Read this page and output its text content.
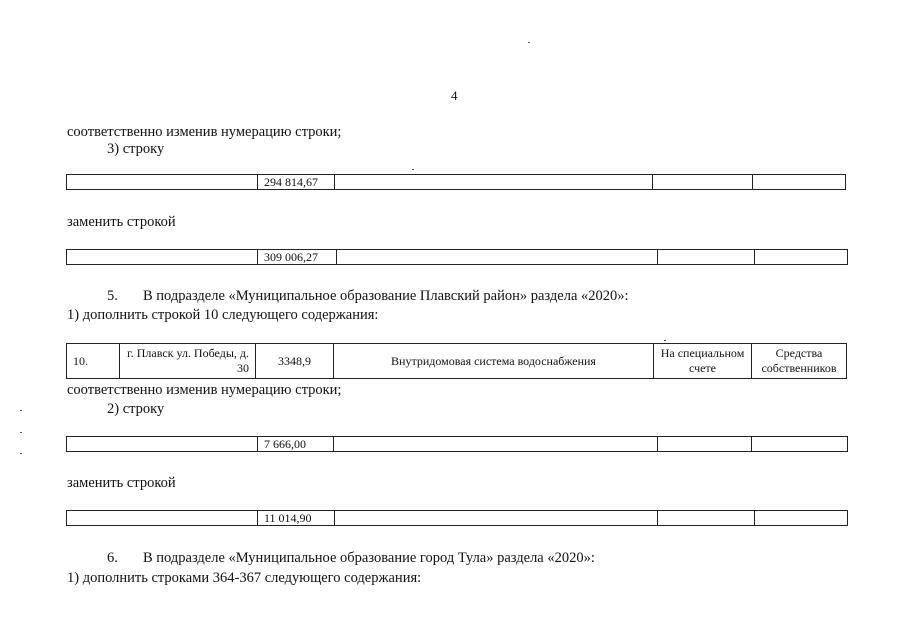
4
соответственно изменив нумерацию строки;
3) строку
	294 814,67			
заменить строкой
	309 006,27			
5. В подразделе «Муниципальное образование Плавский район» раздела «2020»:
1) дополнить строкой 10 следующего содержания:
10.	г. Плавск ул. Победы, д. 30	3348,9	Внутридомовая система водоснабжения	На специальном счете	Средства собственников
соответственно изменив нумерацию строки;
2) строку
	7 666,00			
заменить строкой
	11 014,90			
6. В подразделе «Муниципальное образование город Тула» раздела «2020»:
1) дополнить строками 364-367 следующего содержания:
